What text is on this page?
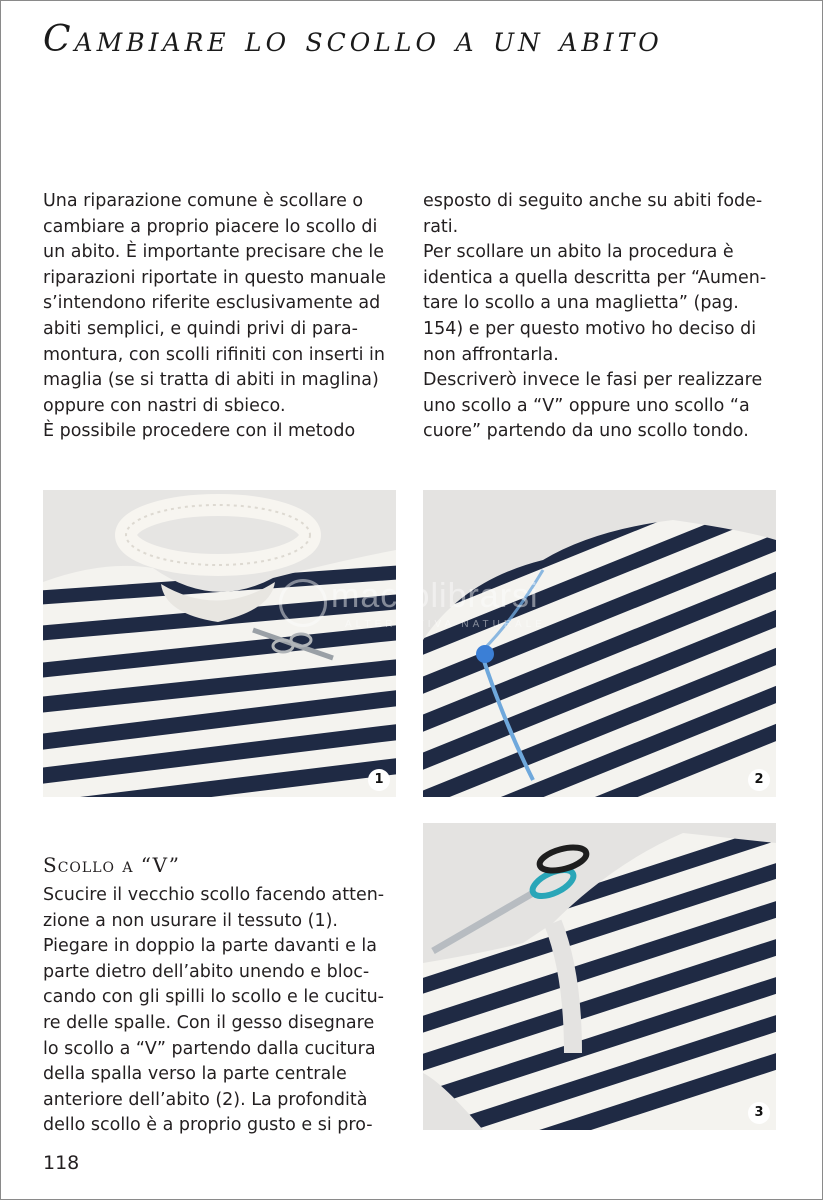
Cambiare lo scollo a un abito

Una riparazione comune è scollare o

cambiare a proprio piacere lo scollo di

un abito. È importante precisare che le

riparazioni riportate in questo manuale

s’intendono riferite esclusivamente ad

abiti semplici, e quindi privi di para-

montura, con scolli rifiniti con inserti in

maglia (se si tratta di abiti in maglina)

oppure con nastri di sbieco.

È possibile procedere con il metodo

esposto di seguito anche su abiti fode-

rati.

Per scollare un abito la procedura è

identica a quella descritta per “Aumen-

tare lo scollo a una maglietta” (pag.

154) e per questo motivo ho deciso di

non affrontarla.

Descriverò invece le fasi per realizzare

uno scollo a “V” oppure uno scollo “a

cuore” partendo da uno scollo tondo.

1	2
3
macrolibrarsi
ALTERNATIVA NATURALE
Scollo a “V”

Scucire il vecchio scollo facendo atten-

zione a non usurare il tessuto (1).

Piegare in doppio la parte davanti e la

parte dietro dell’abito unendo e bloc-

cando con gli spilli lo scollo e le cucitu-

re delle spalle. Con il gesso disegnare

lo scollo a “V” partendo dalla cucitura

della spalla verso la parte centrale

anteriore dell’abito (2). La profondità

dello scollo è a proprio gusto e si pro-

118
